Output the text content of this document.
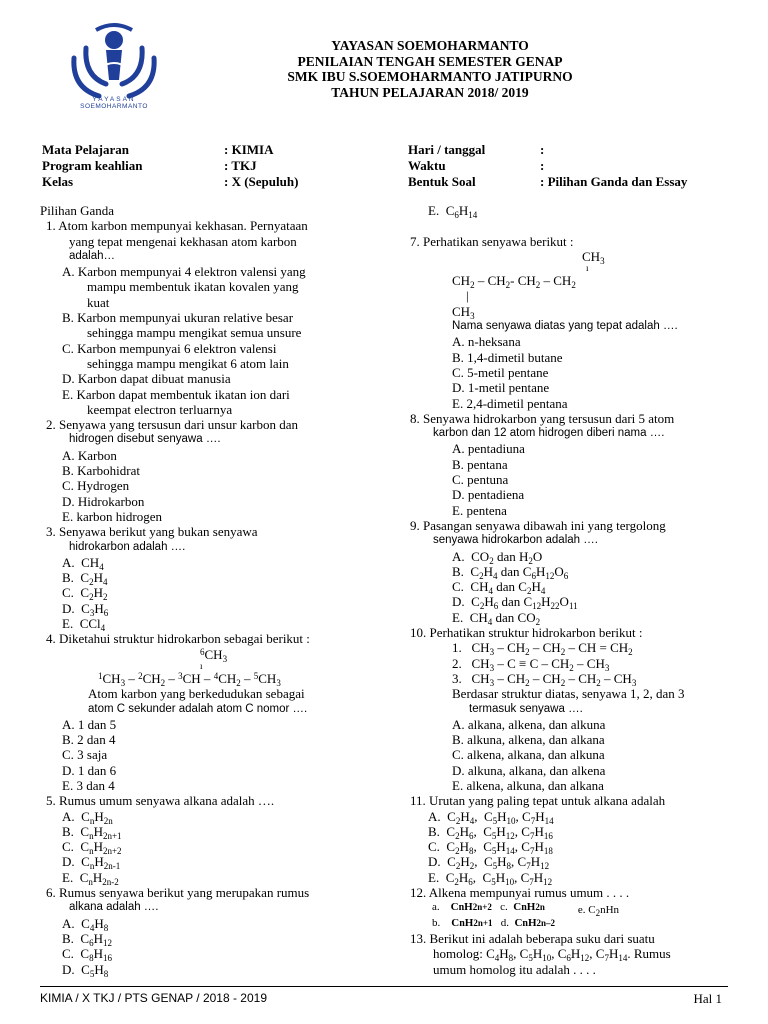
YAYASAN
SOEMOHARMANTO
YAYASAN SOEMOHARMANTO
PENILAIAN TENGAH SEMESTER GENAP
SMK IBU S.SOEMOHARMANTO JATIPURNO
TAHUN PELAJARAN 2018/ 2019
Mata Pelajaran
Program keahlian
Kelas
: KIMIA
: TKJ
: X (Sepuluh)
Hari / tanggal
Waktu
Bentuk Soal
:
:
: Pilihan Ganda dan Essay
Pilihan Ganda
1. Atom karbon mempunyai kekhasan. Pernyataan
yang tepat mengenai kekhasan atom karbon
adalah…
A. Karbon mempunyai 4 elektron valensi yang
mampu membentuk ikatan kovalen yang
kuat
B. Karbon mempunyai ukuran relative besar
sehingga mampu mengikat semua unsure
C. Karbon mempunyai 6 elektron valensi
sehingga mampu mengikat 6 atom lain
D. Karbon dapat dibuat manusia
E. Karbon dapat membentuk ikatan ion dari
keempat electron terluarnya
2. Senyawa yang tersusun dari unsur karbon dan
hidrogen disebut senyawa ….
A. Karbon
B. Karbohidrat
C. Hydrogen
D. Hidrokarbon
E. karbon hidrogen
3. Senyawa berikut yang bukan senyawa
hidrokarbon adalah ….
A.  $CH_4$
B.  $C_2H_4$
C.  $C_2H_2$
D.  $C_3H_6$
E.  CCl$_4$
4. Diketahui struktur hidrokarbon sebagai berikut :
$^6CH_3$
ı
$^1CH_3 - ^2CH_2 - ^3CH - ^4CH_2 - ^5CH_3$
Atom karbon yang berkedudukan sebagai
atom C sekunder adalah atom C nomor ….
A. 1 dan 5
B. 2 dan 4
C. 3 saja
D. 1 dan 6
E. 3 dan 4
5. Rumus umum senyawa alkana adalah ….
A.  $C_nH_{2n}$
B.  $C_nH_{2n+1}$
C.  $C_nH_{2n+2}$
D.  $C_nH_{2n-1}$
E.  $C_nH_{2n-2}$
6. Rumus senyawa berikut yang merupakan rumus
alkana adalah ….
A.  $C_4H_8$
B.  $C_6H_{12}$
C.  $C_8H_{16}$
D.  $C_5H_8$
E.  $C_6H_{14}$
7. Perhatikan senyawa berikut :
$CH_3$
ı
$CH_2 - CH_2-$ $CH_2 - CH_2$
|
$CH_3$
Nama senyawa diatas yang tepat adalah ….
A. n-heksana
B. 1,4-dimetil butane
C. 5-metil pentane
D. 1-metil pentane
E. 2,4-dimetil pentana
8. Senyawa hidrokarbon yang tersusun dari 5 atom
karbon dan 12 atom hidrogen diberi nama ….
A. pentadiuna
B. pentana
C. pentuna
D. pentadiena
E. pentena
9. Pasangan senyawa dibawah ini yang tergolong
senyawa hidrokarbon adalah ….
A.  $CO_2$ dan $H_2O$
B.  $C_2H_4$ dan $C_6H_{12}O_6$
C.  $CH_4$ dan $C_2H_4$
D.  $C_2H_6$ dan $C_{12}H_{22}O_{11}$
E.  $CH_4$ dan $CO_2$
10. Perhatikan struktur hidrokarbon berikut :
1.   $CH_3 - CH_2 - CH_2$ – CH = $CH_2$
2.   $CH_3 - C \equiv C - CH_2 - CH_3$
3.   $CH_3 - CH_2 - CH_2 - CH_2 - CH_3$
Berdasar struktur diatas, senyawa 1, 2, dan 3
termasuk senyawa ….
A. alkana, alkena, dan alkuna
B. alkuna, alkena, dan alkana
C. alkena, alkana, dan alkuna
D. alkuna, alkana, dan alkena
E. alkena, alkuna, dan alkana
11. Urutan yang paling tepat untuk alkana adalah
A.  $C_2H_4$,  $C_5H_{10}$, $C_7H_{14}$
B.  $C_2H_6$,  $C_5H_{12}$, $C_7H_{16}$
C.  $C_2H_8$,  $C_5H_{14}$, $C_7H_{18}$
D.  $C_2H_2$,  $C_5H_8$, $C_7H_{12}$
E.  $C_2H_6$,  $C_5H_{10}$, $C_7H_{12}$
12. Alkena mempunyai rumus umum . . . .
a.    CnH2n+2   c.  CnH2n	e. $C_2nHn$
b.    CnH2n+1   d.  CnH2n–2
13. Berikut ini adalah beberapa suku dari suatu
homolog: $C_4H_8$, $C_5H_{10}$, $C_6H_{12}$, $C_7H_{14}$. Rumus
umum homolog itu adalah . . . .
KIMIA / X TKJ / PTS GENAP / 2018 - 2019	Hal 1
